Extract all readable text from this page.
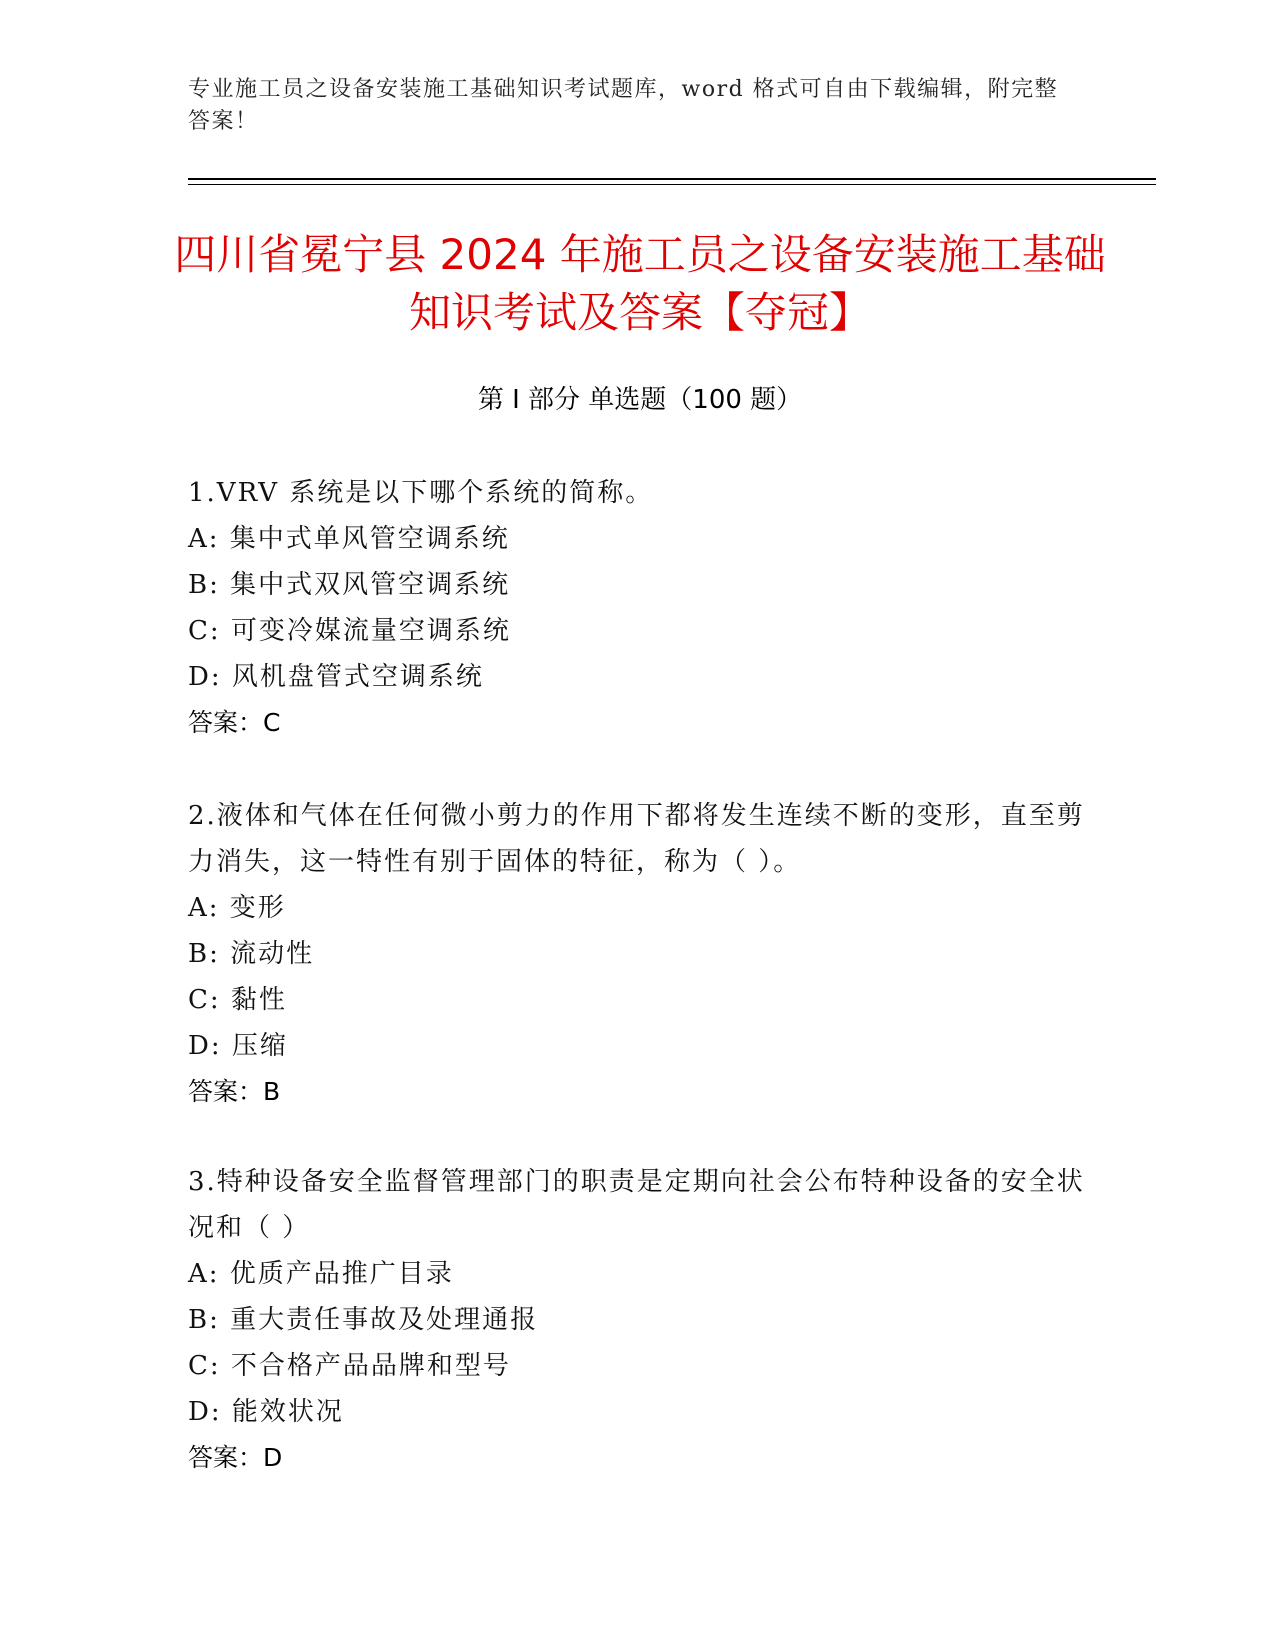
专业施工员之设备安装施工基础知识考试题库，word 格式可自由下载编辑，附完整答案！
四川省冕宁县 2024 年施工员之设备安装施工基础知识考试及答案【夺冠】
第 I 部分 单选题（100 题）
1.VRV 系统是以下哪个系统的简称。
A: 集中式单风管空调系统
B: 集中式双风管空调系统
C: 可变冷媒流量空调系统
D: 风机盘管式空调系统
答案：C
2.液体和气体在任何微小剪力的作用下都将发生连续不断的变形，直至剪力消失，这一特性有别于固体的特征，称为（ ）。
A: 变形
B: 流动性
C: 黏性
D: 压缩
答案：B
3.特种设备安全监督管理部门的职责是定期向社会公布特种设备的安全状况和（ ）
A: 优质产品推广目录
B: 重大责任事故及处理通报
C: 不合格产品品牌和型号
D: 能效状况
答案：D
